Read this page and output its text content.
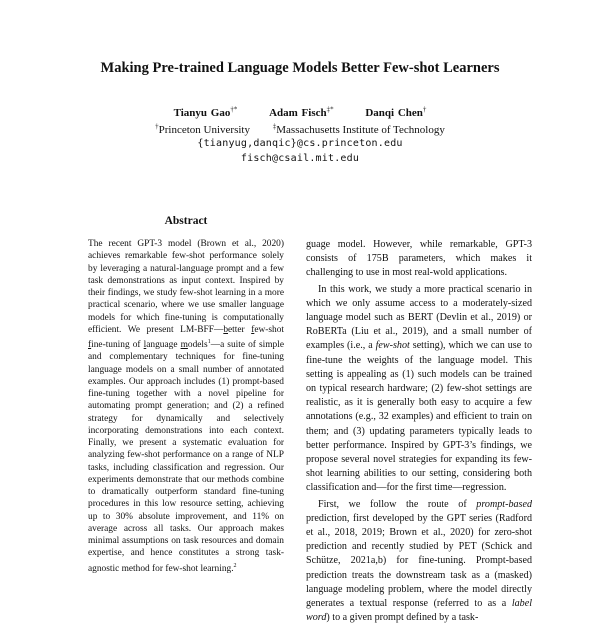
Making Pre-trained Language Models Better Few-shot Learners
Tianyu Gao†*	Adam Fisch‡*	Danqi Chen†
†Princeton University	‡Massachusetts Institute of Technology
{tianyug,danqic}@cs.princeton.edu
fisch@csail.mit.edu
Abstract
The recent GPT-3 model (Brown et al., 2020) achieves remarkable few-shot performance solely by leveraging a natural-language prompt and a few task demonstrations as input context. Inspired by their findings, we study few-shot learning in a more practical scenario, where we use smaller language models for which fine-tuning is computationally efficient. We present LM-BFF—better few-shot fine-tuning of language models$^1$—a suite of simple and complementary techniques for fine-tuning language models on a small number of annotated examples. Our approach includes (1) prompt-based fine-tuning together with a novel pipeline for automating prompt generation; and (2) a refined strategy for dynamically and selectively incorporating demonstrations into each context. Finally, we present a systematic evaluation for analyzing few-shot performance on a range of NLP tasks, including classification and regression. Our experiments demonstrate that our methods combine to dramatically outperform standard fine-tuning procedures in this low resource setting, achieving up to 30% absolute improvement, and 11% on average across all tasks. Our approach makes minimal assumptions on task resources and domain expertise, and hence constitutes a strong task-agnostic method for few-shot learning.$^2$

guage model. However, while remarkable, GPT-3 consists of 175B parameters, which makes it challenging to use in most real-wold applications.

In this work, we study a more practical scenario in which we only assume access to a moderately-sized language model such as BERT (Devlin et al., 2019) or RoBERTa (Liu et al., 2019), and a small number of examples (i.e., a few-shot setting), which we can use to fine-tune the weights of the language model. This setting is appealing as (1) such models can be trained on typical research hardware; (2) few-shot settings are realistic, as it is generally both easy to acquire a few annotations (e.g., 32 examples) and efficient to train on them; and (3) updating parameters typically leads to better performance. Inspired by GPT-3’s findings, we propose several novel strategies for expanding its few-shot learning abilities to our setting, considering both classification and—for the first time—regression.

First, we follow the route of prompt-based prediction, first developed by the GPT series (Radford et al., 2018, 2019; Brown et al., 2020) for zero-shot prediction and recently studied by PET (Schick and Schütze, 2021a,b) for fine-tuning. Prompt-based prediction treats the downstream task as a (masked) language modeling problem, where the model directly generates a textual response (referred to as a label word) to a given prompt defined by a task-
